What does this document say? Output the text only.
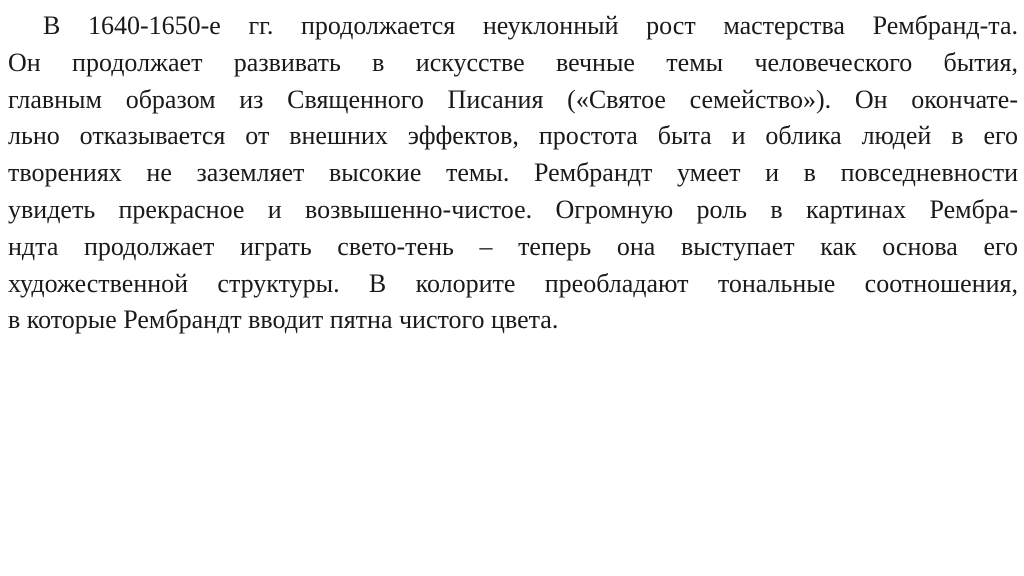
В 1640-1650-е гг. продолжается неуклонный рост мастерства Рембранд-та.
Он продолжает развивать в искусстве вечные темы человеческого бытия,
главным образом из Священного Писания («Святое семейство»). Он окончате-
льно отказывается от внешних эффектов, простота быта и облика людей в его
творениях не заземляет высокие темы. Рембрандт умеет и в повседневности
увидеть прекрасное и возвышенно-чистое. Огромную роль в картинах Рембра-
ндта продолжает играть свето-тень – теперь она выступает как основа его
художественной структуры. В колорите преобладают тональные соотношения,
в которые Рембрандт вводит пятна чистого цвета.
